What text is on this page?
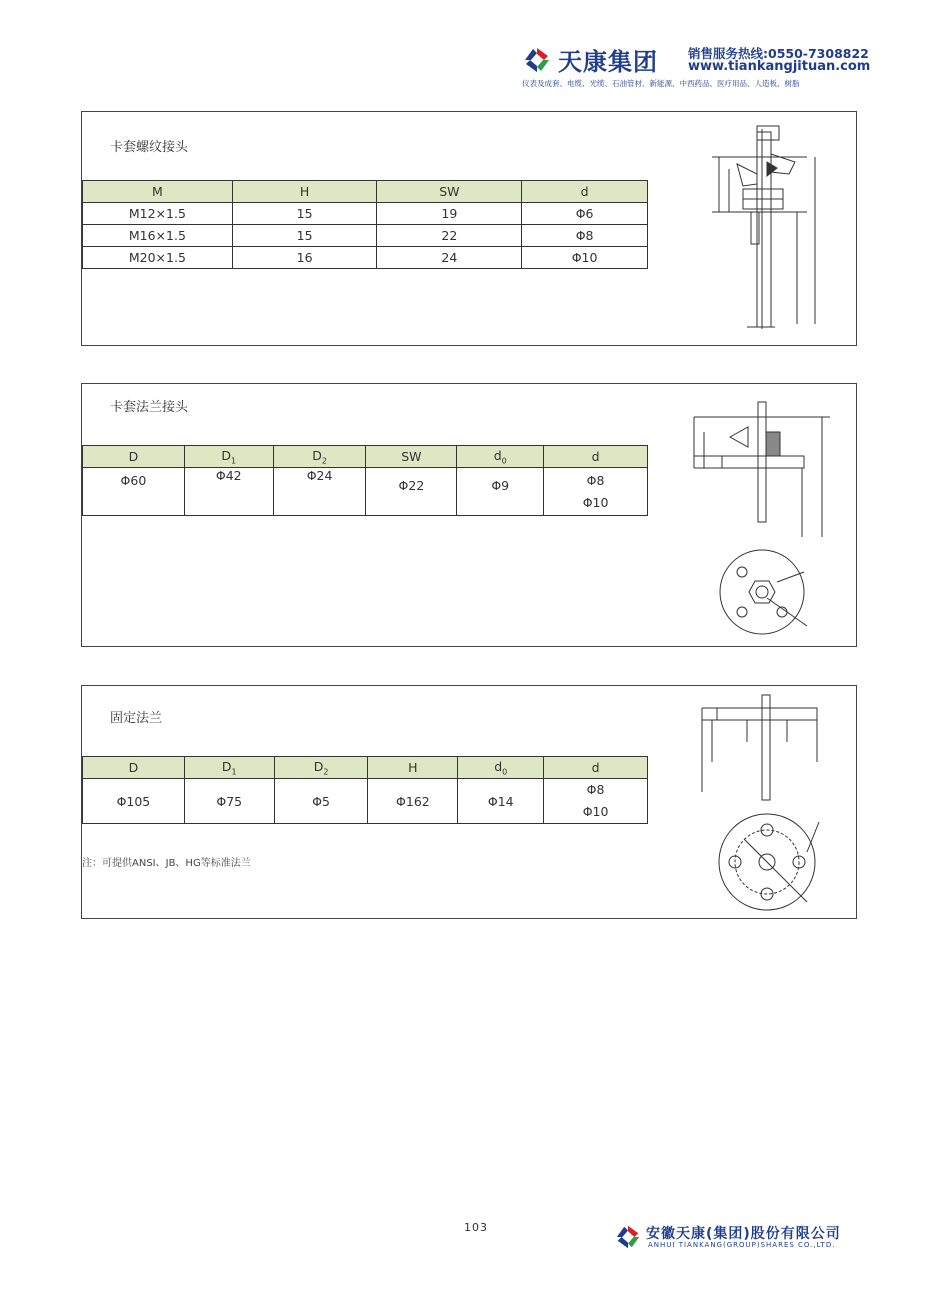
天康集团 销售服务热线:0550-7308822
www.tiankangjituan.com
仪表及成套、电缆、光缆、石油管材、新能源、中西药品、医疗用品、人造板、树脂
卡套螺纹接头
M	H	SW	d
M12×1.5	15	19	Φ6
M16×1.5	15	22	Φ8
M20×1.5	16	24	Φ10
卡套法兰接头
D	$D_1$	$D_2$	SW	$d_0$	d
Φ60	Φ42	Φ24	Φ22	Φ9	Φ8
Φ10
固定法兰
D	$D_1$	$D_2$	H	$d_0$	d
Φ105	Φ75	Φ5	Φ162	Φ14	Φ8
Φ10
注：可提供ANSI、JB、HG等标准法兰
103	安徽天康(集团)股份有限公司
ANHUI TIANKANG(GROUP)SHARES CO.,LTD.
